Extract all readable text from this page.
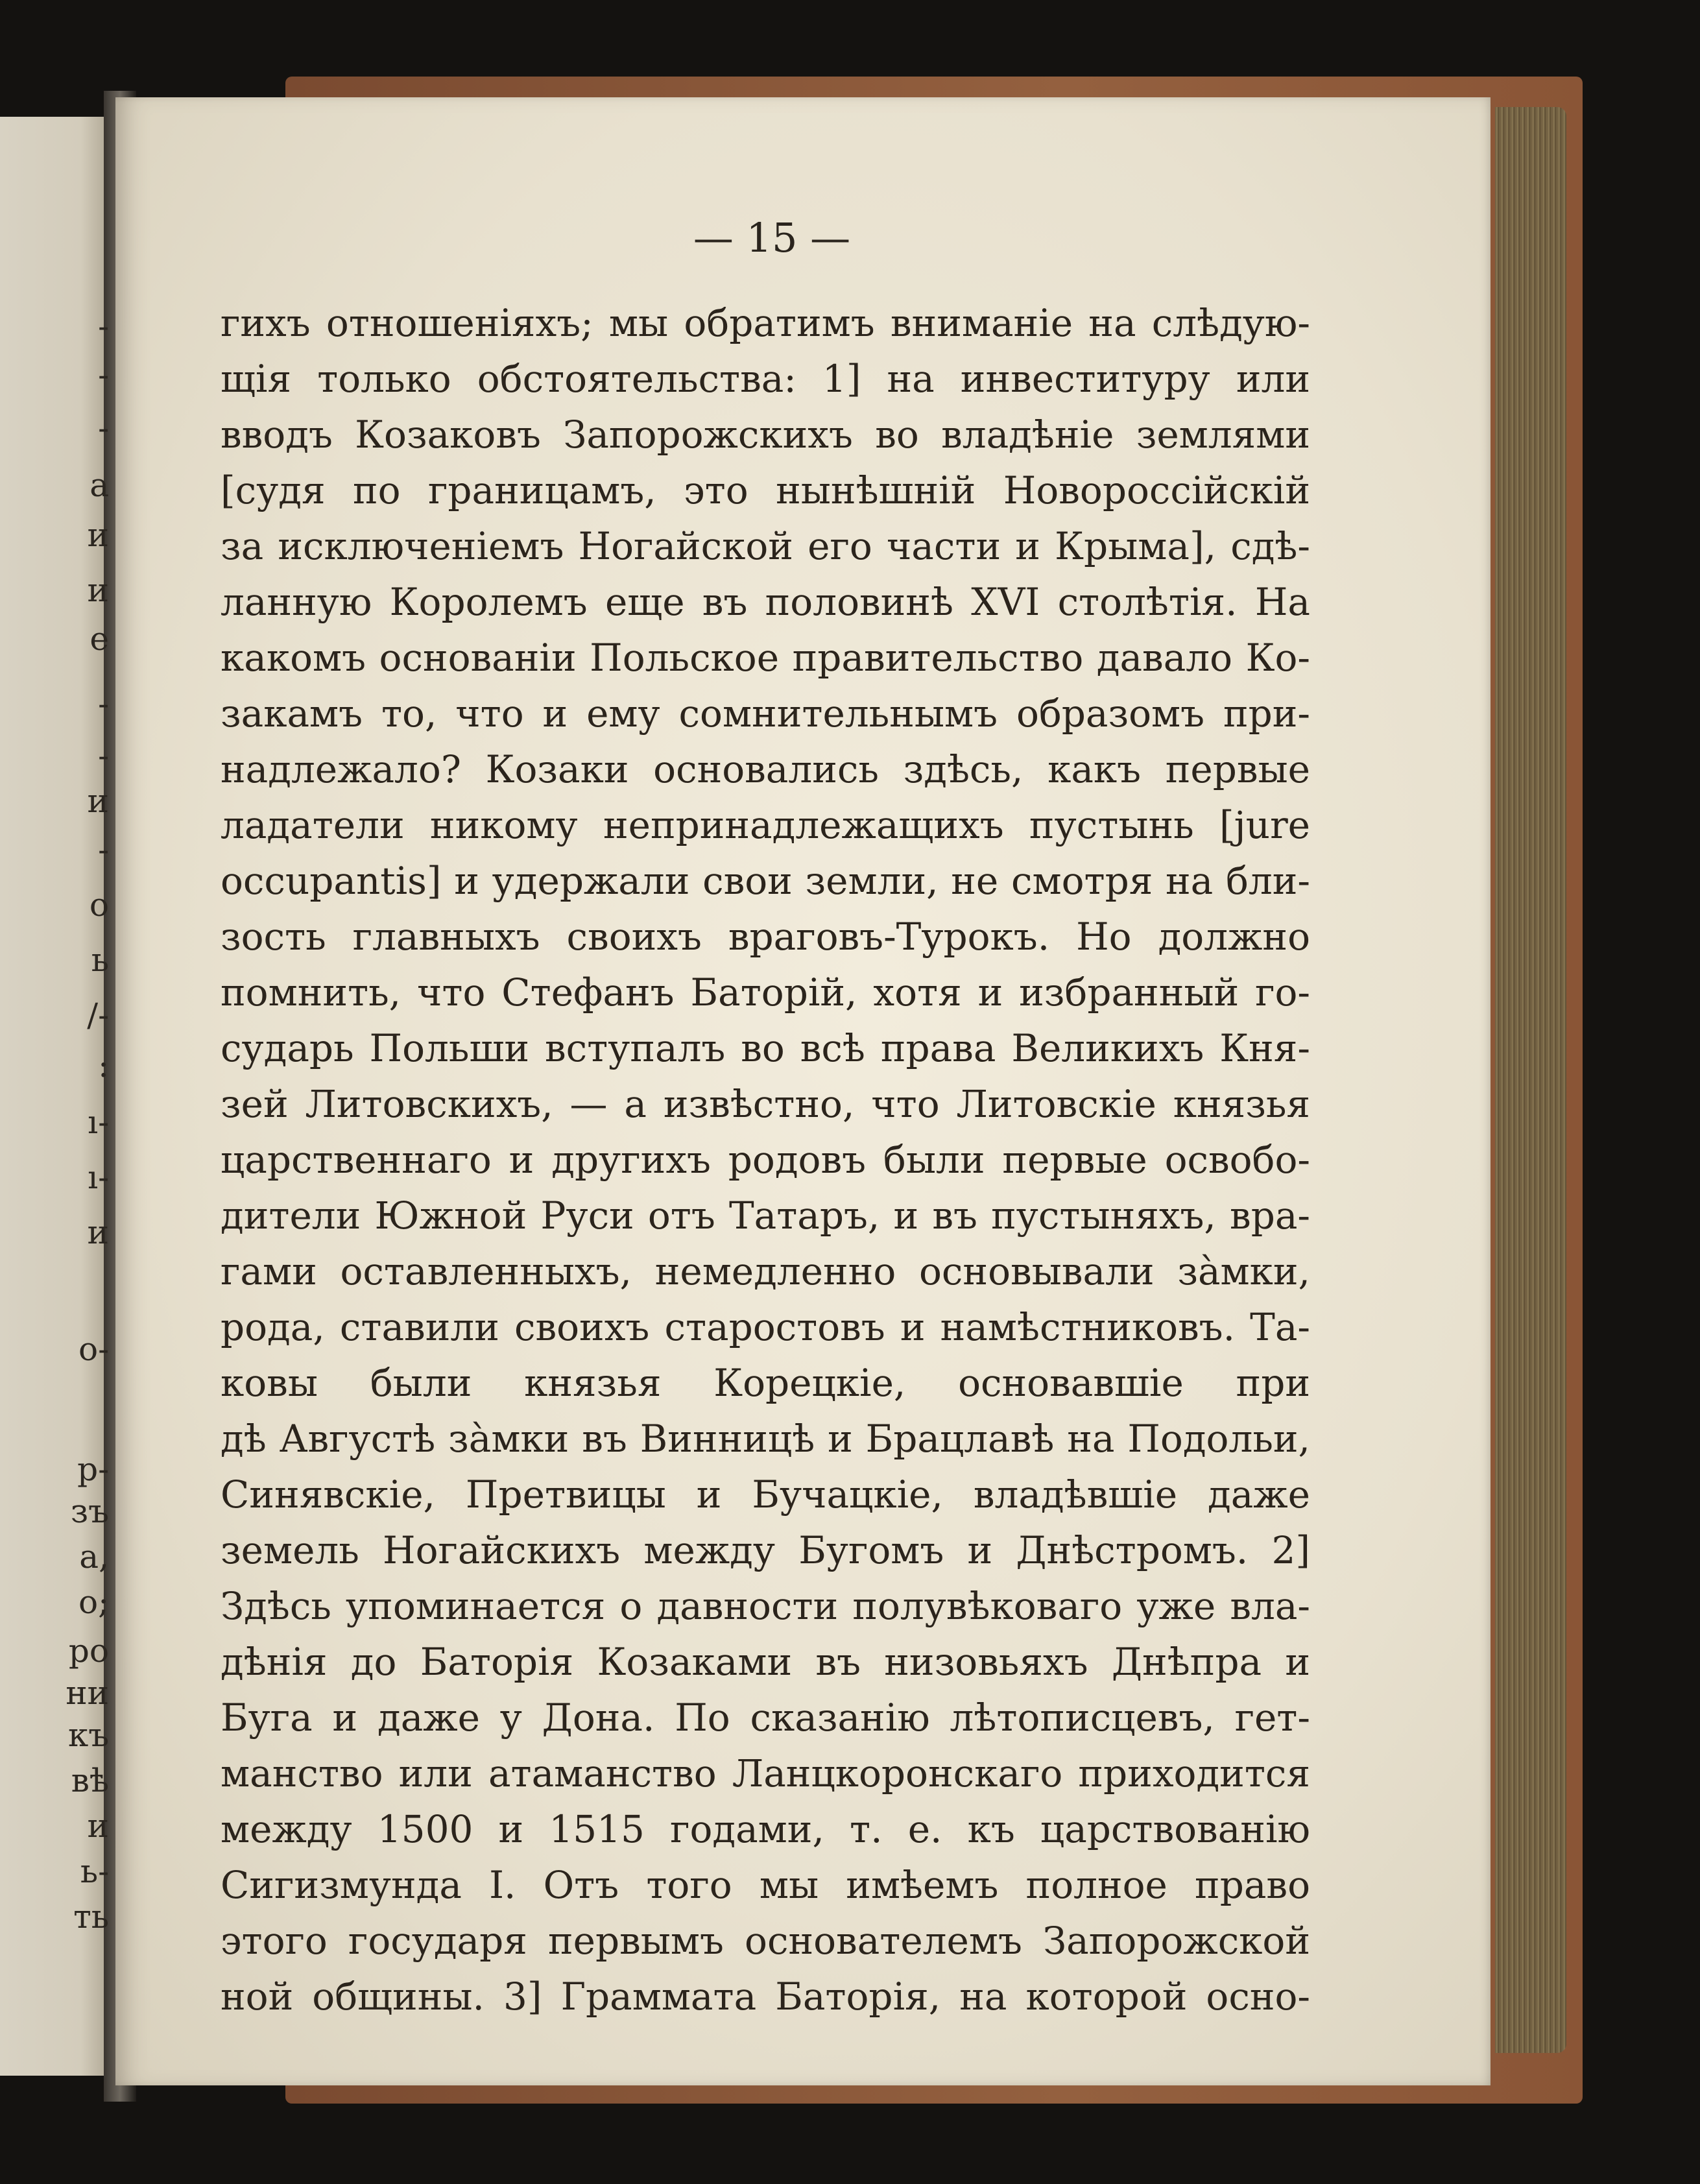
-
-
-
а
и
и
е
-
-
и
-
о
ь
/-
:
ı-
ı-
и
о-
р-
зъ
а,
о;
ро
ни
къ
вѣ
и
ь-
ть
— 15 —
гихъ отношеніяхъ; мы обратимъ вниманіе на слѣдую-
щія только обстоятельства: 1] на инвеституру или
вводъ Козаковъ Запорожскихъ во владѣніе землями
[судя по границамъ, это нынѣшній Новороссійскій
за исключеніемъ Ногайской его части и Крыма], сдѣ-
ланную Королемъ еще въ половинѣ XVI столѣтія. На
какомъ основаніи Польское правительство давало Ко-
закамъ то, что и ему сомнительнымъ образомъ при-
надлежало? Козаки основались здѣсь, какъ первые
ладатели никому непринадлежащихъ пустынь [jure
occupantis] и удержали свои земли, не смотря на бли-
зость главныхъ своихъ враговъ-Турокъ. Но должно
помнить, что Стефанъ Баторій, хотя и избранный го-
сударь Польши вступалъ во всѣ права Великихъ Кня-
зей Литовскихъ, — а извѣстно, что Литовскіе князья
царственнаго и другихъ родовъ были первые освобо-
дители Южной Руси отъ Татаръ, и въ пустыняхъ, вра-
гами оставленныхъ, немедленно основывали зàмки,
рода, ставили своихъ старостовъ и намѣстниковъ. Та-
ковы были князья Корецкіе, основавшіе при
дѣ Августѣ зàмки въ Винницѣ и Брацлавѣ на Подольи,
Синявскіе, Претвицы и Бучацкіе, владѣвшіе даже
земель Ногайскихъ между Бугомъ и Днѣстромъ. 2]
Здѣсь упоминается о давности полувѣковаго уже вла-
дѣнія до Баторія Козаками въ низовьяхъ Днѣпра и
Буга и даже у Дона. По сказанію лѣтописцевъ, гет-
манство или атаманство Ланцкоронскаго приходится
между 1500 и 1515 годами, т. е. къ царствованію
Сигизмунда I. Отъ того мы имѣемъ полное право
этого государя первымъ основателемъ Запорожской
ной общины. 3] Граммата Баторія, на которой осно-
